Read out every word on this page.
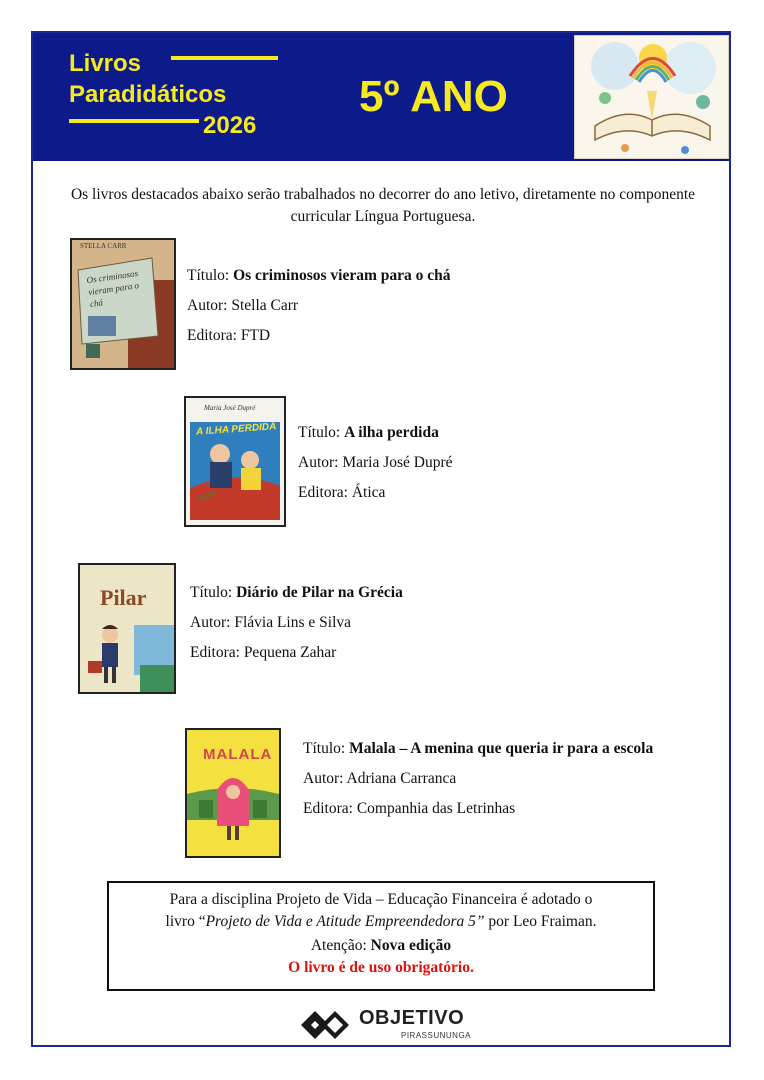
Livros
Paradidáticos
2026
5º ANO
Os livros destacados abaixo serão trabalhados no decorrer do ano letivo, diretamente no componente curricular Língua Portuguesa.
STELLA CARR
Os criminosos vieram para o chá
Título: Os criminosos vieram para o chá
Autor: Stella Carr
Editora: FTD
Maria José Dupré
A ILHA PERDIDA Título: A ilha perdida
Autor: Maria José Dupré
Editora: Ática
Pilar	Título: Diário de Pilar na Grécia
Autor: Flávia Lins e Silva
Editora: Pequena Zahar
MALALA Título: Malala – A menina que queria ir para a escola
Autor: Adriana Carranca
Editora: Companhia das Letrinhas
Para a disciplina Projeto de Vida – Educação Financeira é adotado o
livro “Projeto de Vida e Atitude Empreendedora 5” por Leo Fraiman.
Atenção: Nova edição
O livro é de uso obrigatório.
OBJETIVO
PIRASSUNUNGA
